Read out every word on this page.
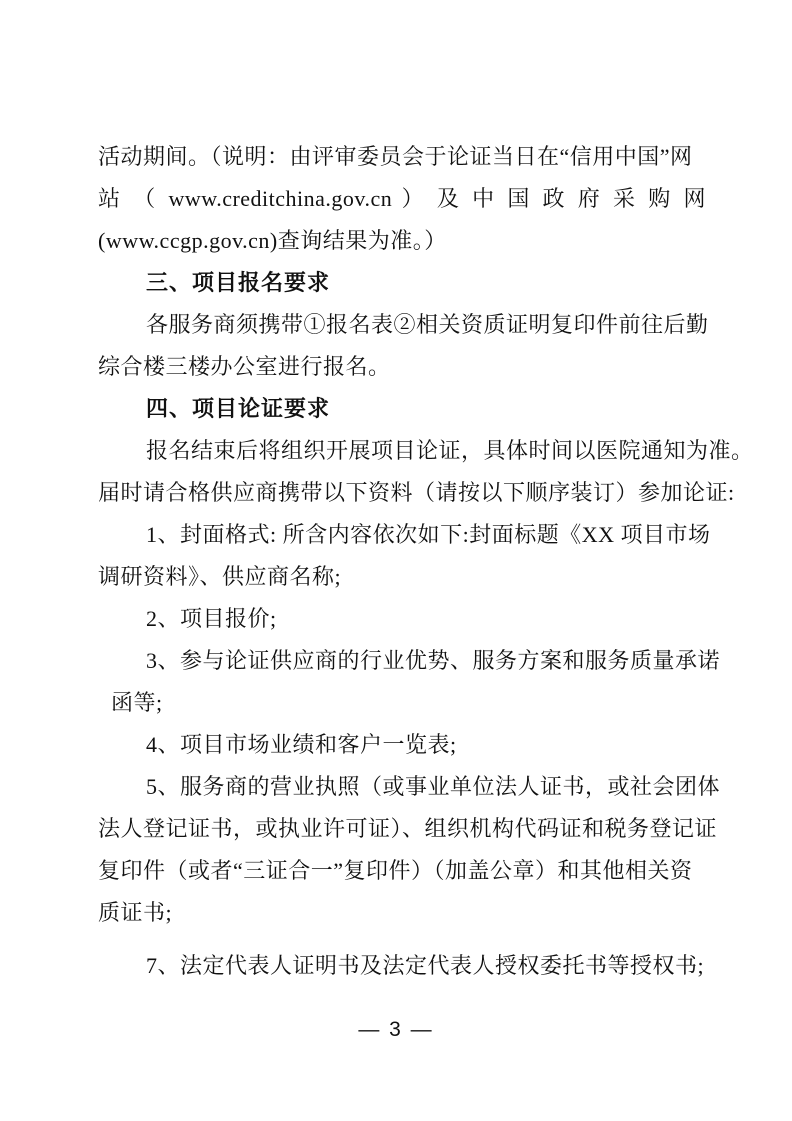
活动期间。（说明：由评审委员会于论证当日在“信用中国”网
站 （ www.creditchina.gov.cn ） 及 中 国 政 府 采 购 网
(www.ccgp.gov.cn)查询结果为准。）
三、项目报名要求
各服务商须携带①报名表②相关资质证明复印件前往后勤
综合楼三楼办公室进行报名。
四、项目论证要求
报名结束后将组织开展项目论证，具体时间以医院通知为准。
届时请合格供应商携带以下资料（请按以下顺序装订）参加论证:
1、封面格式: 所含内容依次如下:封面标题《XX 项目市场
调研资料》、供应商名称;
2、项目报价;
3、参与论证供应商的行业优势、服务方案和服务质量承诺
函等;
4、项目市场业绩和客户一览表;
5、服务商的营业执照（或事业单位法人证书，或社会团体
法人登记证书，或执业许可证）、组织机构代码证和税务登记证
复印件（或者“三证合一”复印件）（加盖公章）和其他相关资
质证书;
7、法定代表人证明书及法定代表人授权委托书等授权书;
— 3 —
